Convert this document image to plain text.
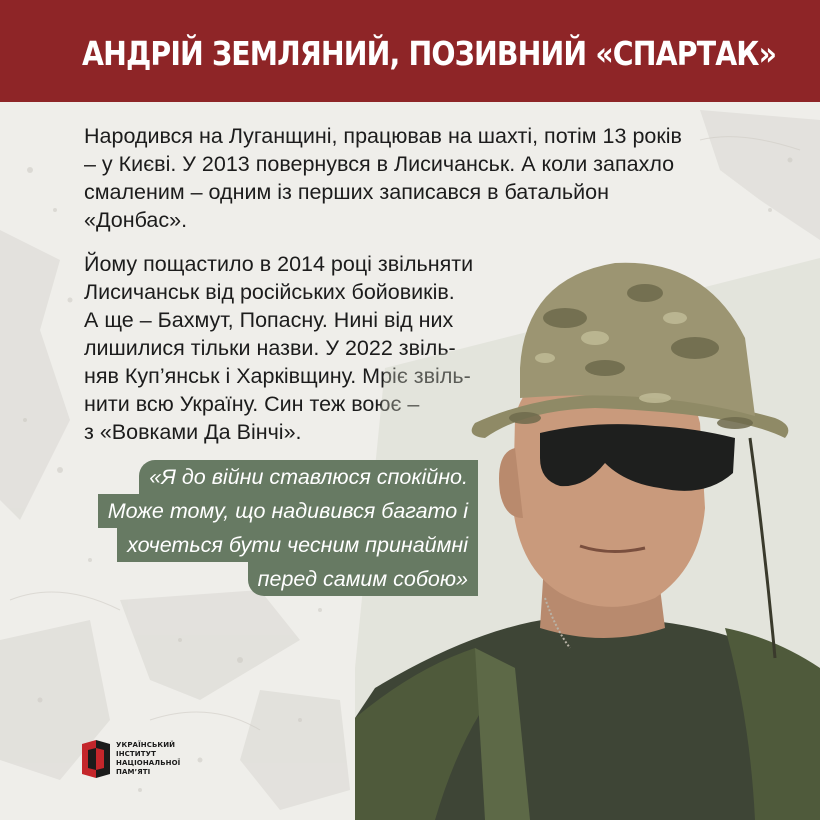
АНДРІЙ ЗЕМЛЯНИЙ, ПОЗИВНИЙ «СПАРТАК»
Народився на Луганщині, працював на шахті, потім 13 років
– у Києві. У 2013 повернувся в Лисичанськ. А коли запахло
смаленим – одним із перших записався в батальйон
«Донбас».
Йому пощастило в 2014 році звільняти
Лисичанськ від російських бойовиків.
А ще – Бахмут, Попасну. Нині від них
лишилися тільки назви. У 2022 звіль-
няв Куп’янськ і Харківщину. Мріє звіль-
нити всю Україну. Син теж воює –
з «Вовками Да Вінчі».
«Я до війни ставлюся спокійно.
Може тому, що надивився багато і
хочеться бути чесним принаймні
перед самим собою»
УКРАЇНСЬКИЙ
ІНСТИТУТ
НАЦІОНАЛЬНОЇ
ПАМ’ЯТІ
